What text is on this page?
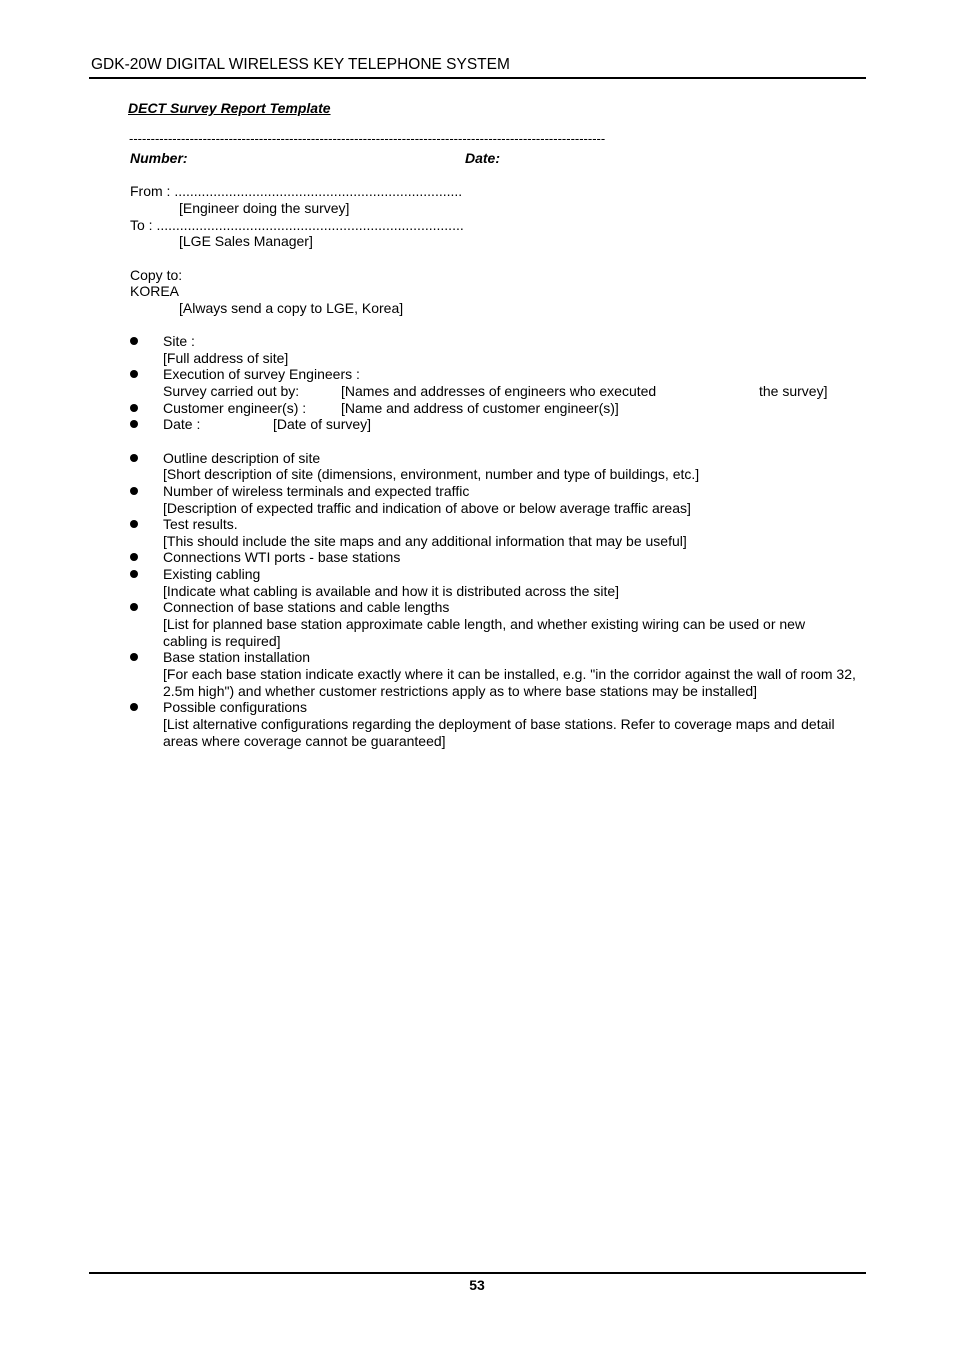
GDK-20W DIGITAL WIRELESS KEY TELEPHONE SYSTEM
DECT Survey Report Template
--------------------------------------------------------------------------------------------------------------
Number:	Date:
From : ..........................................................................
[Engineer doing the survey]
To : ...............................................................................
[LGE Sales Manager]
Copy to:
KOREA
[Always send a copy to LGE, Korea]
Site :
[Full address of site]
Execution of survey Engineers :
Survey carried out by:	[Names and addresses of engineers who executed	the survey]
Customer engineer(s) : [Name and address of customer engineer(s)]
Date :	[Date of survey]
Outline description of site
[Short description of site (dimensions, environment, number and type of buildings, etc.]
Number of wireless terminals and expected traffic
[Description of expected traffic and indication of above or below average traffic areas]
Test results.
[This should include the site maps and any additional information that may be useful]
Connections WTI ports - base stations
Existing cabling
[Indicate what cabling is available and how it is distributed across the site]
Connection of base stations and cable lengths
[List for planned base station approximate cable length, and whether existing wiring can be used or new cabling is required]
Base station installation
[For each base station indicate exactly where it can be installed, e.g. "in the corridor against the wall of room 32, 2.5m high") and whether customer restrictions apply as to where base stations may be installed]
Possible configurations
[List alternative configurations regarding the deployment of base stations. Refer to coverage maps and detail areas where coverage cannot be guaranteed]
53
